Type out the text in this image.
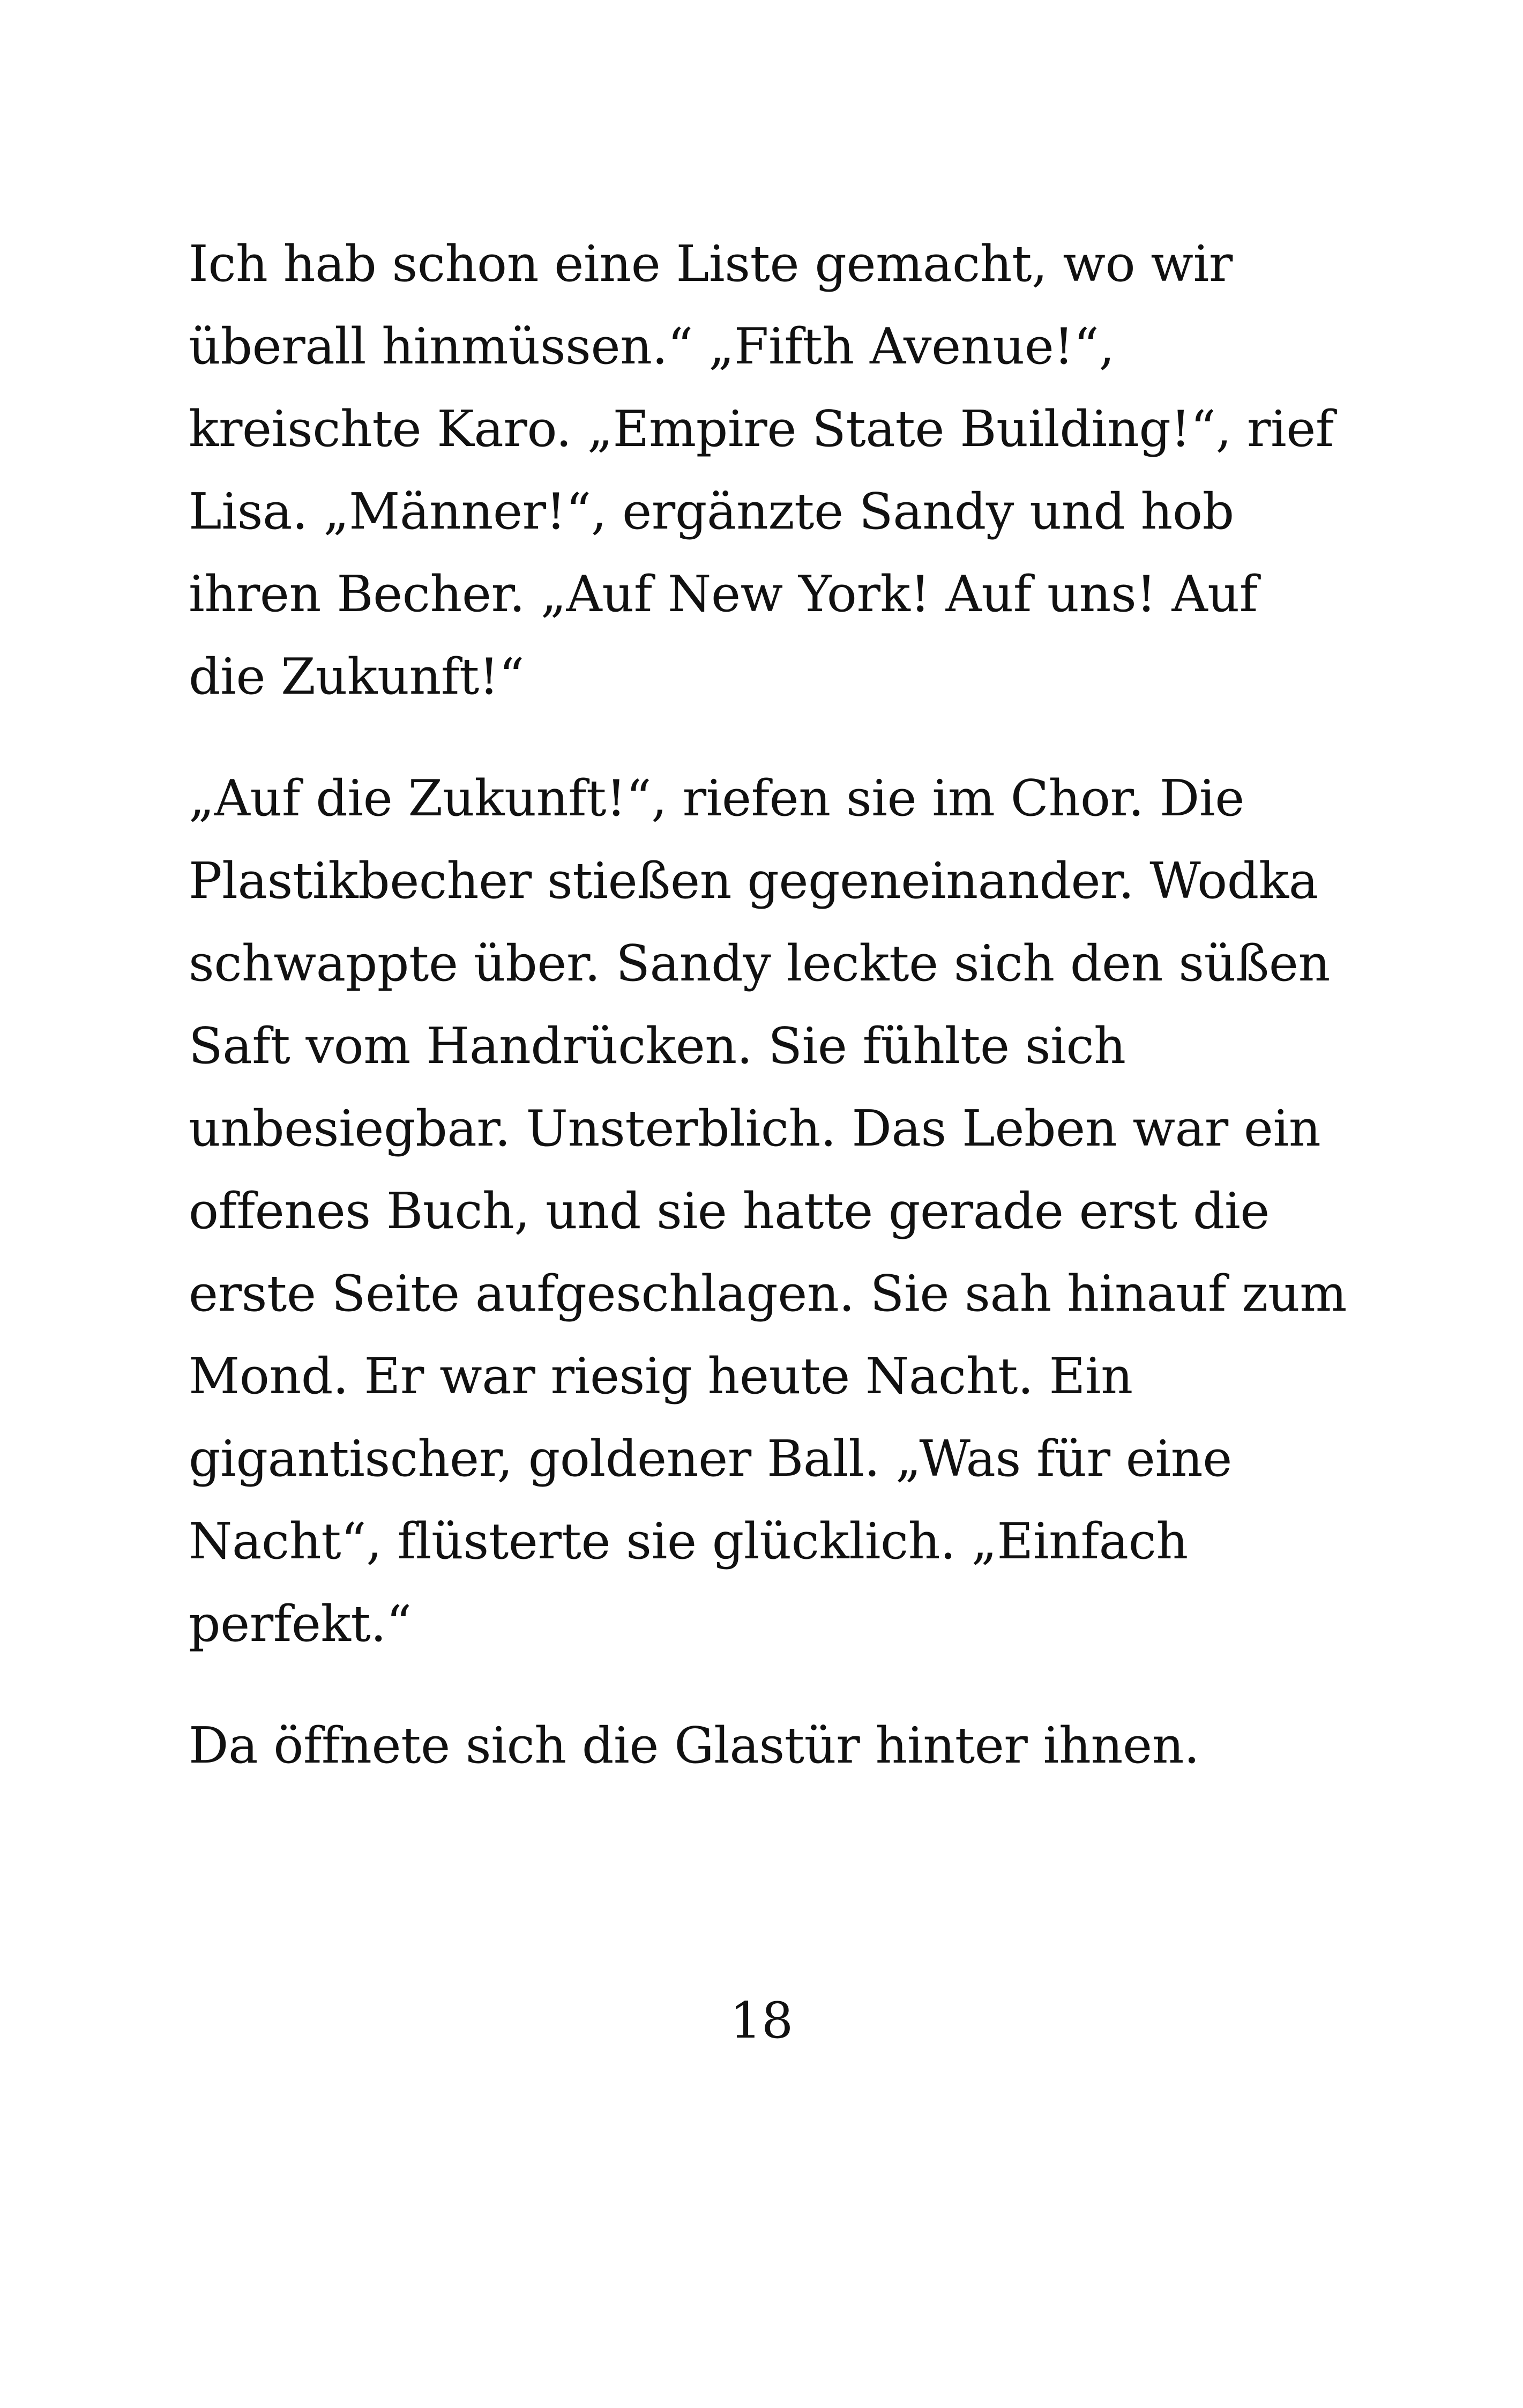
Ich hab schon eine Liste gemacht, wo wir
überall hinmüssen.“ „Fifth Avenue!“,
kreischte Karo. „Empire State Building!“, rief
Lisa. „Männer!“, ergänzte Sandy und hob
ihren Becher. „Auf New York! Auf uns! Auf
die Zukunft!“

„Auf die Zukunft!“, riefen sie im Chor. Die
Plastikbecher stießen gegeneinander. Wodka
schwappte über. Sandy leckte sich den süßen
Saft vom Handrücken. Sie fühlte sich
unbesiegbar. Unsterblich. Das Leben war ein
offenes Buch, und sie hatte gerade erst die
erste Seite aufgeschlagen. Sie sah hinauf zum
Mond. Er war riesig heute Nacht. Ein
gigantischer, goldener Ball. „Was für eine
Nacht“, flüsterte sie glücklich. „Einfach
perfekt.“

Da öffnete sich die Glastür hinter ihnen.

18
